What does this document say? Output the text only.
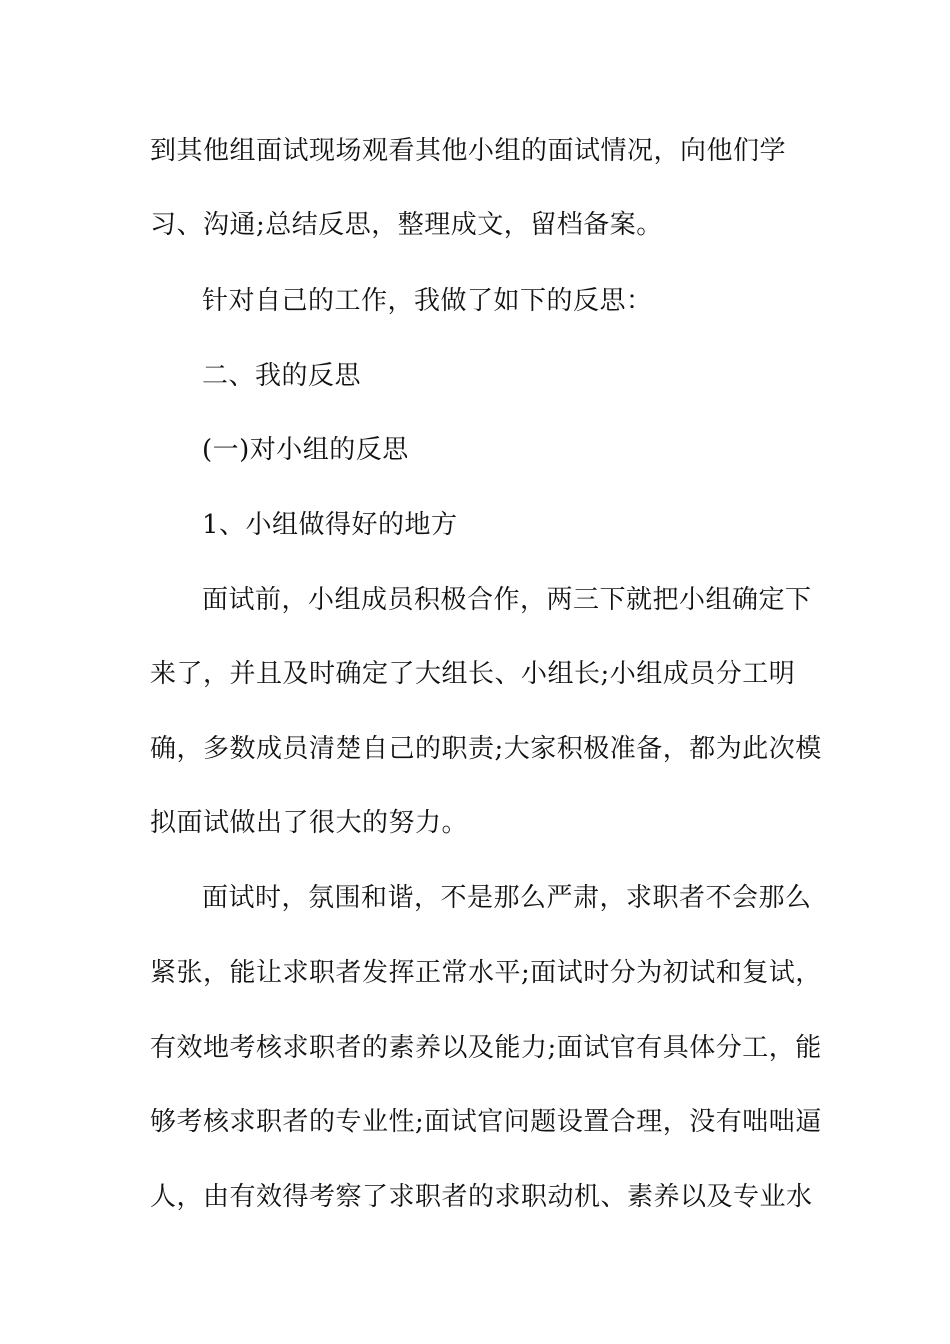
到其他组面试现场观看其他小组的面试情况，向他们学
习、沟通;总结反思，整理成文，留档备案。
针对自己的工作，我做了如下的反思：
二、我的反思
(一)对小组的反思
1、小组做得好的地方
面试前，小组成员积极合作，两三下就把小组确定下
来了，并且及时确定了大组长、小组长;小组成员分工明
确，多数成员清楚自己的职责;大家积极准备，都为此次模
拟面试做出了很大的努力。
面试时，氛围和谐，不是那么严肃，求职者不会那么
紧张，能让求职者发挥正常水平;面试时分为初试和复试，
有效地考核求职者的素养以及能力;面试官有具体分工，能
够考核求职者的专业性;面试官问题设置合理，没有咄咄逼
人，由有效得考察了求职者的求职动机、素养以及专业水
